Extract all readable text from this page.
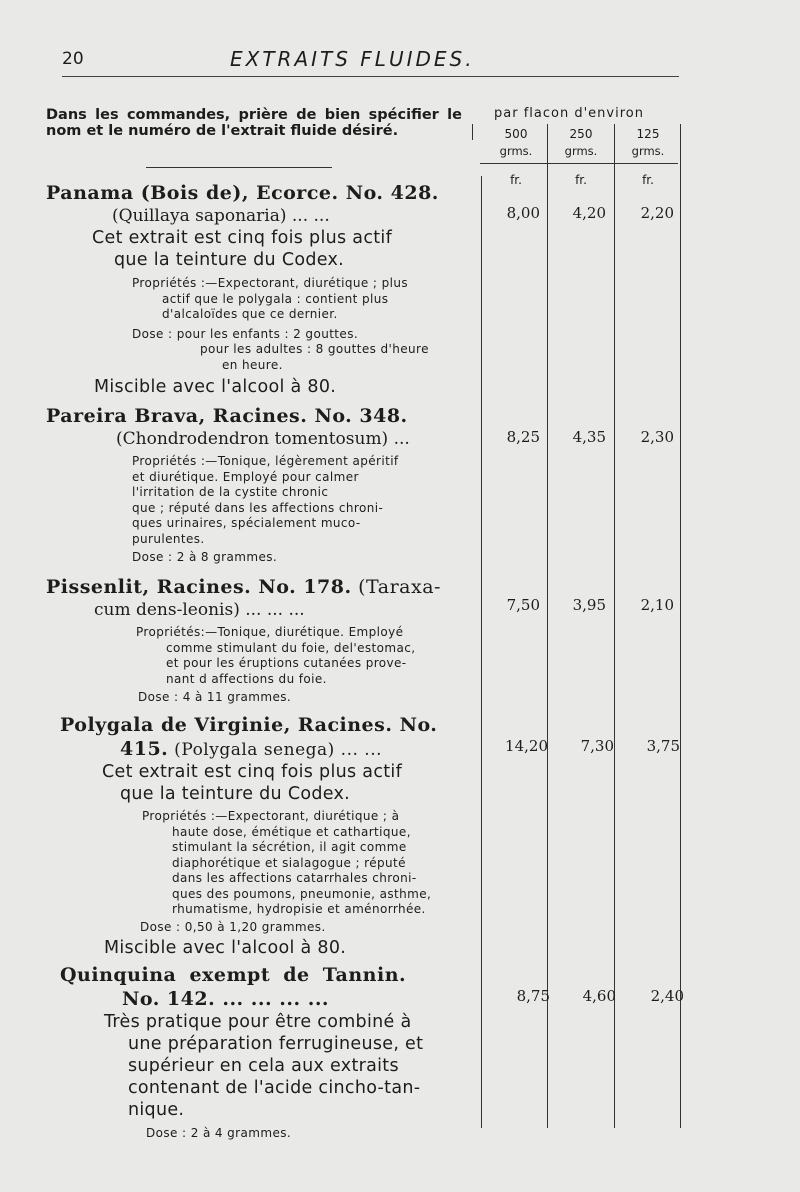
20	EXTRAITS FLUIDES.
Dans les commandes, prière de bien spécifier le nom et le numéro de l'extrait fluide désiré.
par flacon d'environ
500
grms.
250
grms.
125
grms.
fr.	fr.	fr.
Panama (Bois de), Ecorce. No. 428.
(Quillaya saponaria) ... ...
Cet extrait est cinq fois plus actif
que la teinture du Codex.
Propriétés :—Expectorant, diurétique ; plus
actif que le polygala : contient plus
d'alcaloïdes que ce dernier.
Dose : pour les enfants : 2 gouttes.
pour les adultes : 8 gouttes d'heure
en heure.
Miscible avec l'alcool à 80.
8,00	4,20	2,20
Pareira Brava, Racines. No. 348.
(Chondrodendron tomentosum) ...
Propriétés :—Tonique, légèrement apéritif
et diurétique. Employé pour calmer
l'irritation de la cystite chronic
que ; réputé dans les affections chroni-
ques urinaires, spécialement muco-
purulentes.
Dose : 2 à 8 grammes.
8,25	4,35	2,30
Pissenlit, Racines. No. 178. (Taraxa-
cum dens-leonis) ... ... ...
Propriétés:—Tonique, diurétique. Employé
comme stimulant du foie, del'estomac,
et pour les éruptions cutanées prove-
nant d affections du foie.
Dose : 4 à 11 grammes.
7,50	3,95	2,10
Polygala de Virginie, Racines. No.
415. (Polygala senega) ... ...
Cet extrait est cinq fois plus actif
que la teinture du Codex.
Propriétés :—Expectorant, diurétique ; à
haute dose, émétique et cathartique,
stimulant la sécrétion, il agit comme
diaphorétique et sialagogue ; réputé
dans les affections catarrhales chroni-
ques des poumons, pneumonie, asthme,
rhumatisme, hydropisie et aménorrhée.
Dose : 0,50 à 1,20 grammes.
Miscible avec l'alcool à 80.
14,20	7,30	3,75
Quinquina exempt de Tannin.
No. 142. ... ... ... ...
Très pratique pour être combiné à
une préparation ferrugineuse, et
supérieur en cela aux extraits
contenant de l'acide cincho-tan-
nique.
Dose : 2 à 4 grammes.
8,75	4,60	2,40
